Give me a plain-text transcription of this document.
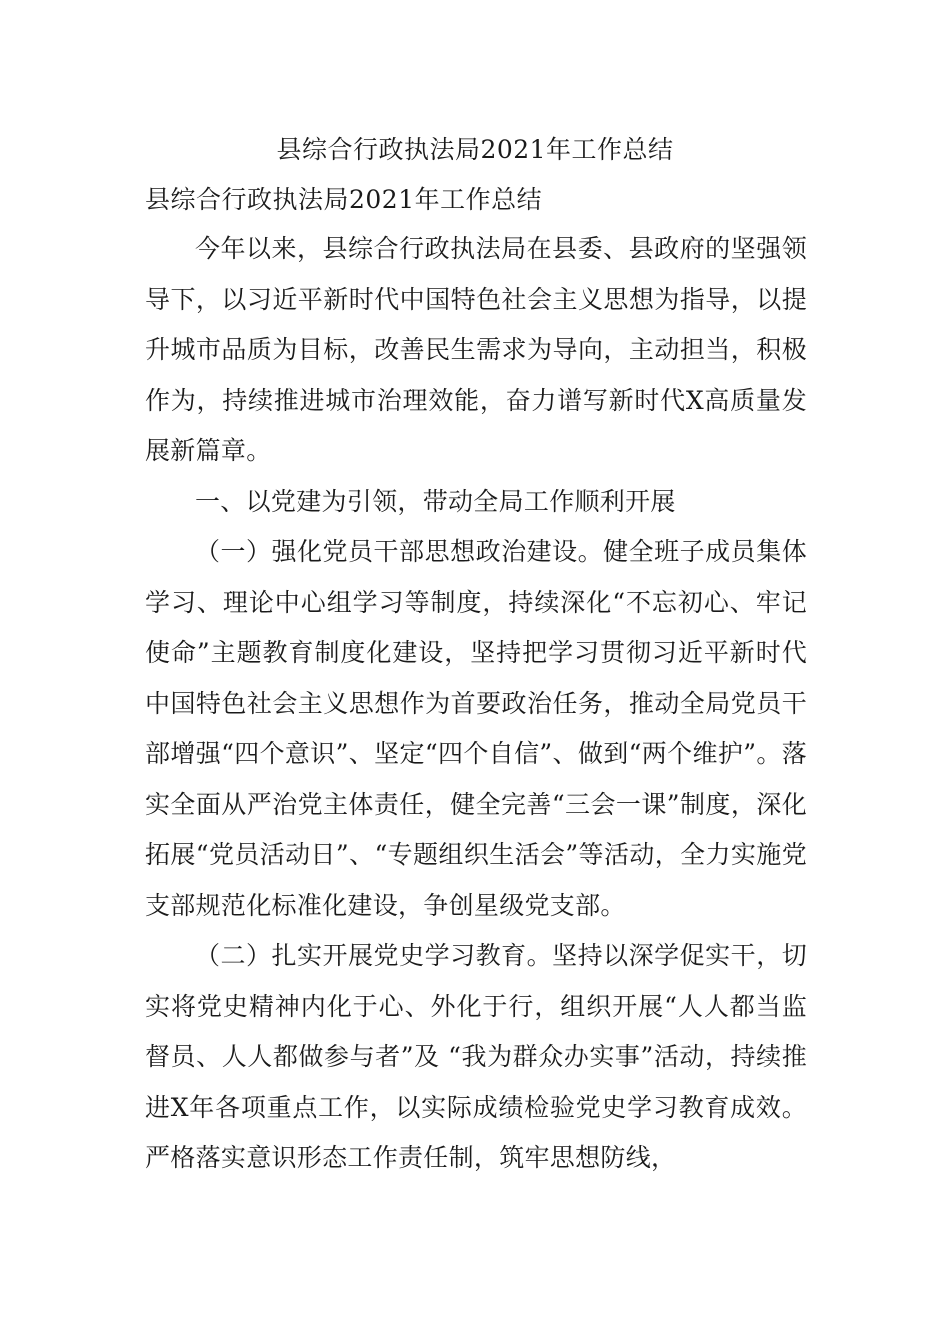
县综合行政执法局2021年工作总结
县综合行政执法局2021年工作总结

今年以来，县综合行政执法局在县委、县政府的坚强领导下，以习近平新时代中国特色社会主义思想为指导，以提升城市品质为目标，改善民生需求为导向，主动担当，积极作为，持续推进城市治理效能，奋力谱写新时代X高质量发展新篇章。

一、以党建为引领，带动全局工作顺利开展

（一）强化党员干部思想政治建设。健全班子成员集体学习、理论中心组学习等制度，持续深化“不忘初心、牢记使命”主题教育制度化建设，坚持把学习贯彻习近平新时代中国特色社会主义思想作为首要政治任务，推动全局党员干部增强“四个意识”、坚定“四个自信”、做到“两个维护”。落实全面从严治党主体责任，健全完善“三会一课”制度，深化拓展“党员活动日”、“专题组织生活会”等活动，全力实施党支部规范化标准化建设，争创星级党支部。

（二）扎实开展党史学习教育。坚持以深学促实干，切实将党史精神内化于心、外化于行，组织开展“人人都当监督员、人人都做参与者”及 “我为群众办实事”活动，持续推进X年各项重点工作，以实际成绩检验党史学习教育成效。严格落实意识形态工作责任制，筑牢思想防线，
